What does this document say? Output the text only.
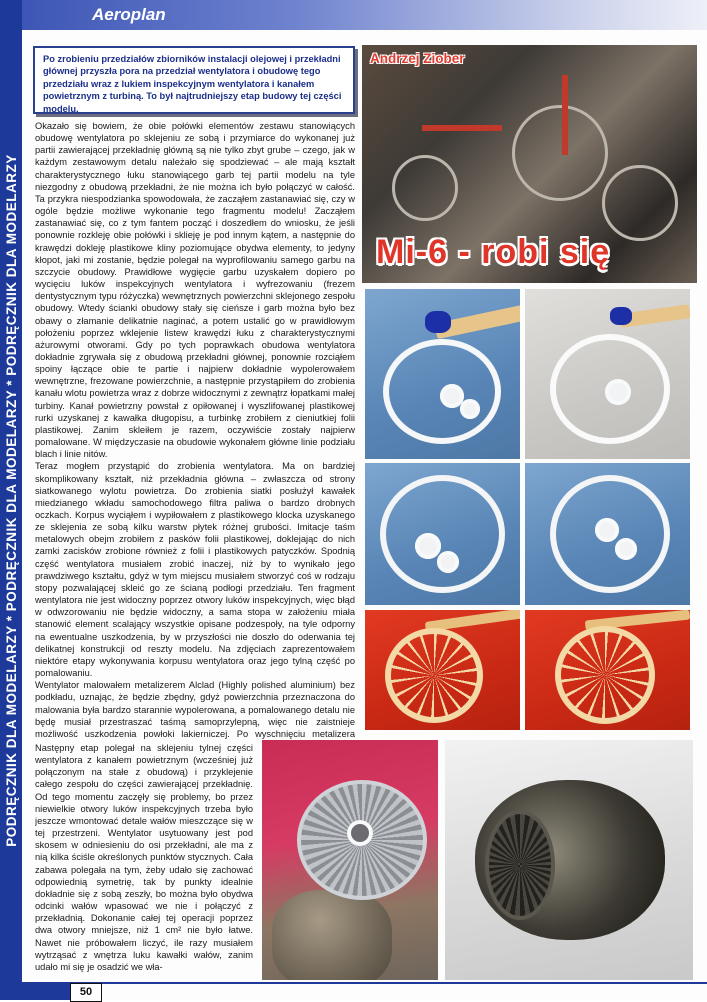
PODRĘCZNIK DLA MODELARZY * PODRĘCZNIK DLA MODELARZY * PODRĘCZNIK DLA MODELARZY
Aeroplan
Po zrobieniu przedziałów zbiorników instalacji olejowej i przekładni głównej przyszła pora na przedział wentylatora i obudowę tego przedziału wraz z lukiem inspekcyjnym wentylatora i kanałem powietrznym z turbiną. To był najtrudniejszy etap budowy tej części modelu.

Okazało się bowiem, że obie połówki elementów zestawu stanowiących obudowę wentylatora po sklejeniu ze sobą i przymiarce do wykonanej już partii zawierającej przekładnię główną są nie tylko zbyt grube – czego, jak w każdym zestawowym detalu należało się spodziewać – ale mają kształt charakterystycznego łuku stanowiącego garb tej partii modelu na tyle niezgodny z obudową przekładni, że nie można ich było połączyć w całość. Ta przykra niespodzianka spowodowała, że zacząłem zastanawiać się, czy w ogóle będzie możliwe wykonanie tego fragmentu modelu! Zacząłem zastanawiać się, co z tym fantem począć i doszedłem do wniosku, że jeśli ponownie rozkleję obie połówki i sklieję je pod innym kątem, a następnie do krawędzi dokleję plastikowe kliny poziomujące obydwa elementy, to jedyny kłopot, jaki mi zostanie, będzie polegał na wyprofilowaniu samego garbu na szczycie obudowy. Prawidłowe wygięcie garbu uzyskałem dopiero po wycięciu luków inspekcyjnych wentylatora i wyfrezowaniu (frezem dentystycznym typu różyczka) wewnętrznych powierzchni sklejonego zespołu obudowy. Wtedy ścianki obudowy stały się cieńsze i garb można było bez obawy o złamanie delikatnie naginać, a potem ustalić go w prawidłowym położeniu poprzez wklejenie listew krawędzi łuku z charakterystycznymi ażurowymi otworami. Gdy po tych poprawkach obudowa wentylatora dokładnie zgrywała się z obudową przekładni głównej, ponownie rozciąłem spoiny łączące obie te partie i najpierw dokładnie wypolerowałem wewnętrzne, frezowane powierzchnie, a następnie przystąpiłem do zrobienia kanału wlotu powietrza wraz z dobrze widocznymi z zewnątrz łopatkami małej turbiny. Kanał powietrzny powstał z opiłowanej i wyszlifowanej plastikowej rurki uzyskanej z kawałka długopisu, a turbinkę zrobiłem z cieniutkiej folii plastikowej. Zanim skleiłem je razem, oczywiście zostały najpierw pomalowane. W międzyczasie na obudowie wykonałem główne linie podziału blach i linie nitów.

Teraz mogłem przystąpić do zrobienia wentylatora. Ma on bardziej skomplikowany kształt, niż przekładnia główna – zwłaszcza od strony siatkowanego wylotu powietrza. Do zrobienia siatki posłużył kawałek miedzianego wkładu samochodowego filtra paliwa o bardzo drobnych oczkach. Korpus wyciąłem i wypiłowałem z plastikowego klocka uzyskanego ze sklejenia ze sobą kilku warstw płytek różnej grubości. Imitacje taśm metalowych obejm zrobiłem z pasków folii plastikowej, doklejając do nich zamki zacisków zrobione również z folii i plastikowych patyczków. Spodnią część wentylatora musiałem zrobić inaczej, niż by to wynikało jego prawdziwego kształtu, gdyż w tym miejscu musiałem stworzyć coś w rodzaju stopy pozwalającej skleić go ze ścianą podłogi przedziału. Ten fragment wentylatora nie jest widoczny poprzez otwory luków inspekcyjnych, więc błąd w odwzorowaniu nie będzie widoczny, a sama stopa w założeniu miała stanowić element scalający wszystkie opisane podzespoły, na tyle odporny na ewentualne uszkodzenia, by w przyszłości nie doszło do oderwania tej delikatnej konstrukcji od reszty modelu. Na zdjęciach zaprezentowałem niektóre etapy wykonywania korpusu wentylatora oraz jego tylną część po pomalowaniu.

Wentylator malowałem metalizerem Alclad (Highly polished aluminium) bez podkładu, uznając, że będzie zbędny, gdyż powierzchnia przeznaczona do malowania była bardzo starannie wypolerowana, a pomalowanego detalu nie będę musiał przestraszać taśmą samoprzylepną, więc nie zaistnieje możliwość uszkodzenia powłoki lakierniczej. Po wyschnięciu metalizera

Następny etap polegał na sklejeniu tylnej części wentylatora z kanałem powietrznym (wcześniej już połączonym na stałe z obudową) i przyklejenie całego zespołu do części zawierającej przekładnię. Od tego momentu zaczęły się problemy, bo przez niewielkie otwory luków inspekcyjnych trzeba było jeszcze wmontować detale wałów mieszczące się w tej przestrzeni. Wentylator usytuowany jest pod skosem w odniesieniu do osi przekładni, ale ma z nią kilka ściśle określonych punktów stycznych. Cała zabawa polegała na tym, żeby udało się zachować odpowiednią symetrię, tak by punkty idealnie dokładnie się z sobą zeszły, bo można było obydwa odcinki wałów wpasować we nie i połączyć z przekładnią. Dokonanie całej tej operacji poprzez dwa otwory mniejsze, niż 1 cm² nie było łatwe. Nawet nie próbowałem liczyć, ile razy musiałem wytrząsać z wnętrza luku kawałki wałów, zanim udało mi się je osadzić we wła-

Andrzej Ziober
Mi-6 - robi się
50
